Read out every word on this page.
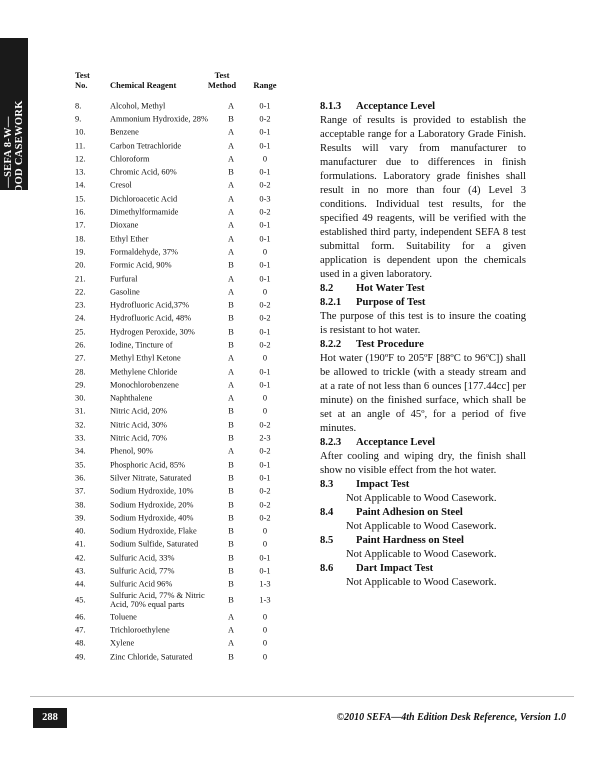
—SEFA 8-W— WOOD CASEWORK
Test
No.	Chemical Reagent
Test
Method	Range
8.	Alcohol, Methyl	A	0-1
9.	Ammonium Hydroxide, 28%	B	0-2
10.	Benzene	A	0-1
11.	Carbon Tetrachloride	A	0-1
12.	Chloroform	A	0
13.	Chromic Acid, 60%	B	0-1
14.	Cresol	A	0-2
15.	Dichloroacetic Acid	A	0-3
16.	Dimethylformamide	A	0-2
17.	Dioxane	A	0-1
18.	Ethyl Ether	A	0-1
19.	Formaldehyde, 37%	A	0
20.	Formic Acid, 90%	B	0-1
21.	Furfural	A	0-1
22.	Gasoline	A	0
23.	Hydrofluoric Acid,37%	B	0-2
24.	Hydrofluoric Acid, 48%	B	0-2
25.	Hydrogen Peroxide, 30%	B	0-1
26.	Iodine, Tincture of	B	0-2
27.	Methyl Ethyl Ketone	A	0
28.	Methylene Chloride	A	0-1
29.	Monochlorobenzene	A	0-1
30.	Naphthalene	A	0
31.	Nitric Acid, 20%	B	0
32.	Nitric Acid, 30%	B	0-2
33.	Nitric Acid, 70%	B	2-3
34.	Phenol, 90%	A	0-2
35.	Phosphoric Acid, 85%	B	0-1
36.	Silver Nitrate, Saturated	B	0-1
37.	Sodium Hydroxide, 10%	B	0-2
38.	Sodium Hydroxide, 20%	B	0-2
39.	Sodium Hydroxide, 40%	B	0-2
40.	Sodium Hydroxide, Flake	B	0
41.	Sodium Sulfide, Saturated	B	0
42.	Sulfuric Acid, 33%	B	0-1
43.	Sulfuric Acid, 77%	B	0-1
44.	Sulfuric Acid 96%	B	1-3
45.	Sulfuric Acid, 77% & Nitric Acid, 70% equal parts	B	1-3
46.	Toluene	A	0
47.	Trichloroethylene	A	0
48.	Xylene	A	0
49.	Zinc Chloride, Saturated	B	0
8.1.3 Acceptance Level

Range of results is provided to establish the acceptable range for a Laboratory Grade Finish. Results will vary from manufacturer to manufacturer due to differences in finish formulations. Laboratory grade finishes shall result in no more than four (4) Level 3 conditions. Individual test results, for the specified 49 reagents, will be verified with the established third party, independent SEFA 8 test submittal form. Suitability for a given application is dependent upon the chemicals used in a given laboratory.

8.2 Hot Water Test
8.2.1 Purpose of Test

The purpose of this test is to insure the coating is resistant to hot water.

8.2.2 Test Procedure

Hot water (190ºF to 205ºF [88ºC to 96ºC]) shall be allowed to trickle (with a steady stream and at a rate of not less than 6 ounces [177.44cc] per minute) on the finished surface, which shall be set at an angle of 45º, for a period of five minutes.

8.2.3 Acceptance Level

After cooling and wiping dry, the finish shall show no visible effect from the hot water.

8.3 Impact Test

Not Applicable to Wood Casework.

8.4 Paint Adhesion on Steel

Not Applicable to Wood Casework.

8.5 Paint Hardness on Steel

Not Applicable to Wood Casework.

8.6 Dart Impact Test

Not Applicable to Wood Casework.

288	©2010 SEFA—4th Edition Desk Reference, Version 1.0
